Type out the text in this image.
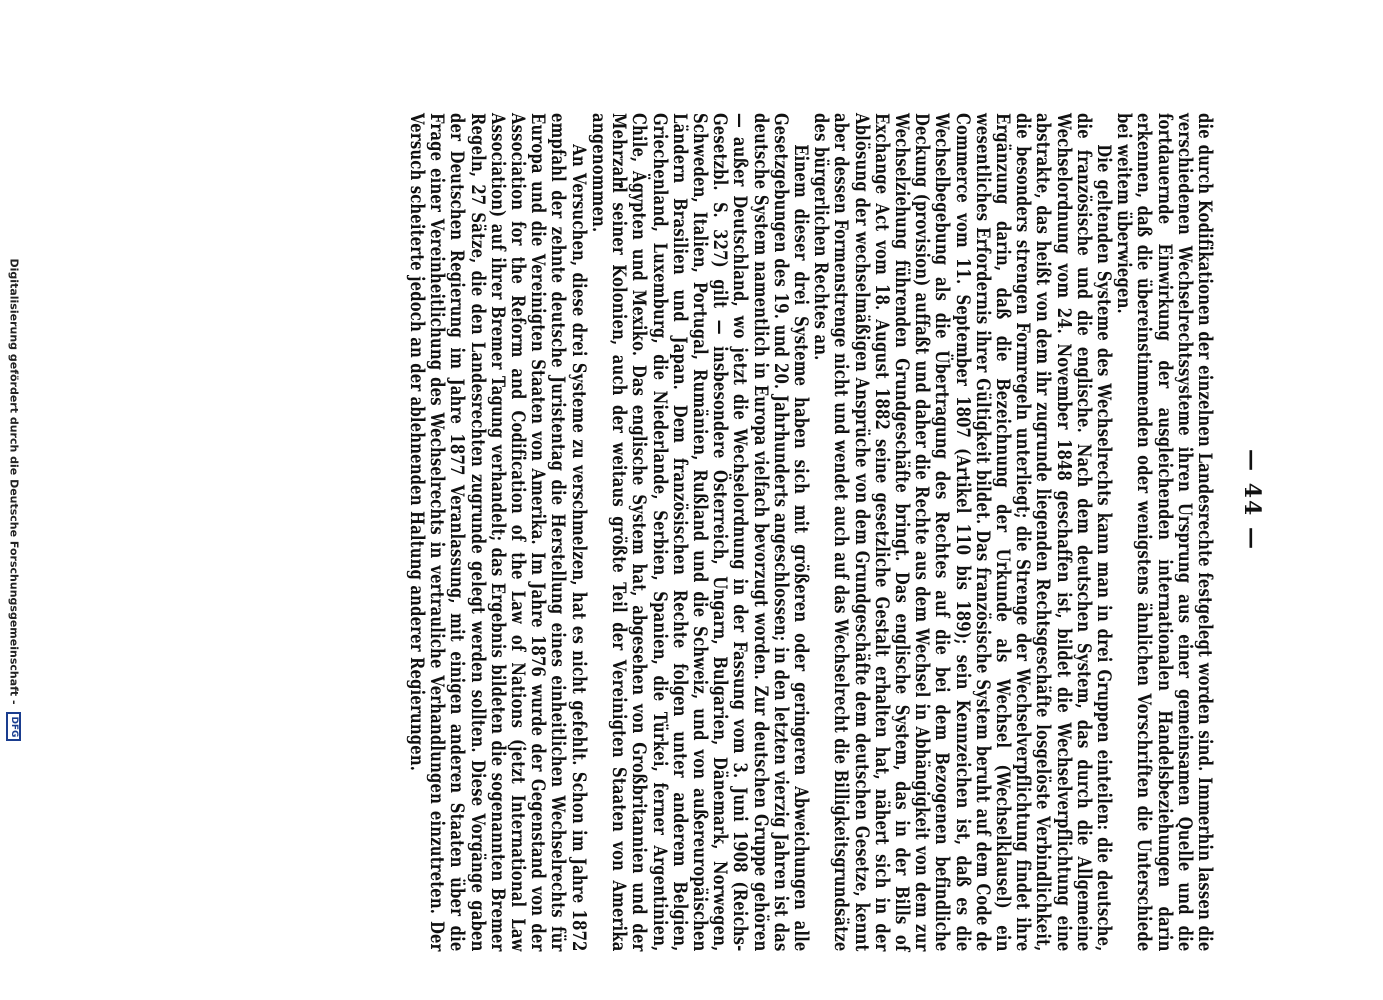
— 44 —

die durch Kodifikationen der einzelnen Landesrechte festgelegt worden sind. Immerhin lassen die verschiedenen Wechselrechtssysteme ihren Ursprung aus einer gemeinsamen Quelle und die fortdauernde Einwirkung der ausgleichenden internationalen Handelsbeziehungen darin erkennen, daß die übereinstimmenden oder wenigstens ähnlichen Vorschriften die Unterschiede bei weitem überwiegen.

Die geltenden Systeme des Wechselrechts kann man in drei Gruppen einteilen: die deutsche, die französische und die englische. Nach dem deutschen System, das durch die Allgemeine Wechselordnung vom 24. November 1848 geschaffen ist, bildet die Wechselverpflichtung eine abstrakte, das heißt von dem ihr zugrunde liegenden Rechtsgeschäfte losgelöste Verbindlichkeit, die besonders strengen Formregeln unterliegt; die Strenge der Wechselverpflichtung findet ihre Ergänzung darin, daß die Bezeichnung der Urkunde als Wechsel (Wechselklausel) ein wesentliches Erfordernis ihrer Gültigkeit bildet. Das französische System beruht auf dem Code de Commerce vom 11. September 1807 (Artikel 110 bis 189); sein Kennzeichen ist, daß es die Wechselbegebung als die Übertragung des Rechtes auf die bei dem Bezogenen befindliche Deckung (provision) auffaßt und daher die Rechte aus dem Wechsel in Abhängigkeit von dem zur Wechselziehung führenden Grundgeschäfte bringt. Das englische System, das in der Bills of Exchange Act vom 18. August 1882 seine gesetzliche Gestalt erhalten hat, nähert sich in der Ablösung der wechselmäßigen Ansprüche von dem Grundgeschäfte dem deutschen Gesetze, kennt aber dessen Formenstrenge nicht und wendet auch auf das Wechselrecht die Billigkeitsgrundsätze des bürgerlichen Rechtes an.

Einem dieser drei Systeme haben sich mit größeren oder geringeren Abweichungen alle Gesetzgebungen des 19. und 20. Jahrhunderts angeschlossen; in den letzten vierzig Jahren ist das deutsche System namentlich in Europa vielfach bevorzugt worden. Zur deutschen Gruppe gehören — außer Deutschland, wo jetzt die Wechselordnung in der Fassung vom 3. Juni 1908 (Reichs-Gesetzbl. S. 327) gilt — insbesondere Österreich, Ungarn, Bulgarien, Dänemark, Norwegen, Schweden, Italien, Portugal, Rumänien, Rußland und die Schweiz, und von außereuropäischen Ländern Brasilien und Japan. Dem französischen Rechte folgen unter anderem Belgien, Griechenland, Luxemburg, die Niederlande, Serbien, Spanien, die Türkei, ferner Argentinien, Chile, Ägypten und Mexiko. Das englische System hat, abgesehen von Großbritannien und der Mehrzahl seiner Kolonien, auch der weitaus größte Teil der Vereinigten Staaten von Amerika angenommen.

An Versuchen, diese drei Systeme zu verschmelzen, hat es nicht gefehlt. Schon im Jahre 1872 empfahl der zehnte deutsche Juristentag die Herstellung eines einheitlichen Wechselrechts für Europa und die Vereinigten Staaten von Amerika. Im Jahre 1876 wurde der Gegenstand von der Association for the Reform and Codification of the Law of Nations (jetzt International Law Association) auf ihrer Bremer Tagung verhandelt; das Ergebnis bildeten die sogenannten Bremer Regeln, 27 Sätze, die den Landesrechten zugrunde gelegt werden sollten. Diese Vorgänge gaben der Deutschen Regierung im Jahre 1877 Veranlassung, mit einigen anderen Staaten über die Frage einer Vereinheitlichung des Wechselrechts in vertrauliche Verhandlungen einzutreten. Der Versuch scheiterte jedoch an der ablehnenden Haltung anderer Regierungen.

Digitalisierung gefördert durch die Deutsche Forschungsgemeinschaft - DFG
